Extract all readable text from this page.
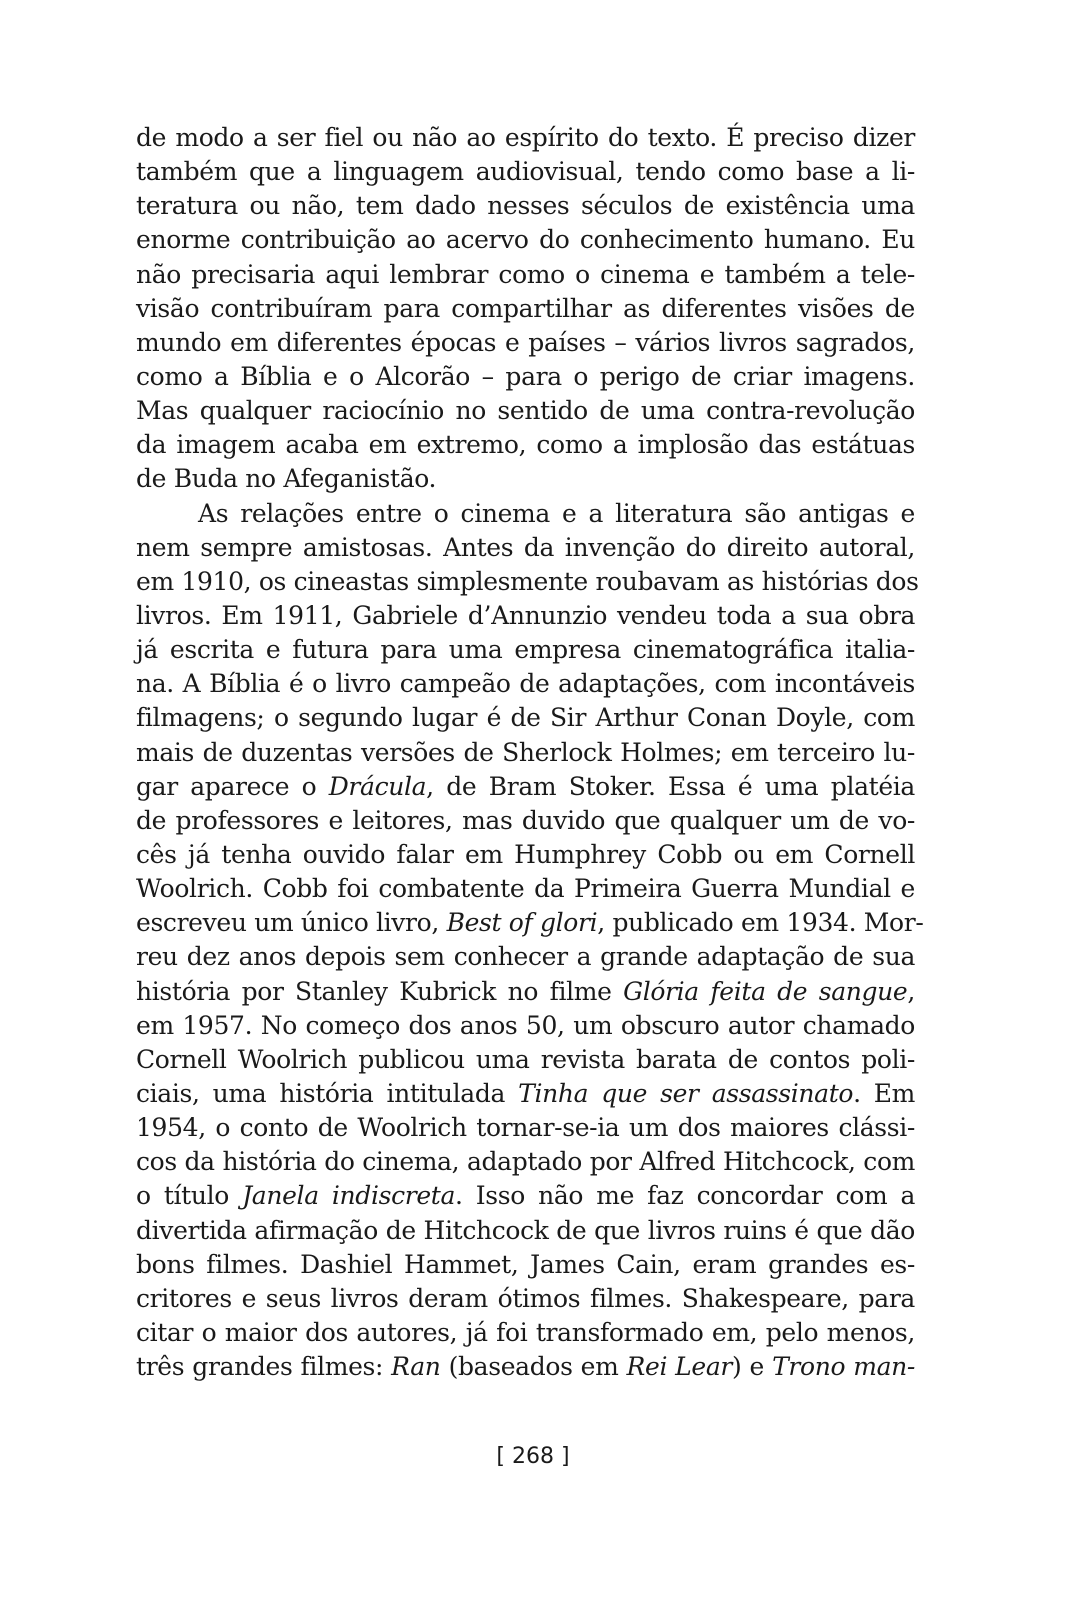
de modo a ser fiel ou não ao espírito do texto. É preciso dizer
também que a linguagem audiovisual, tendo como base a li-
teratura ou não, tem dado nesses séculos de existência uma
enorme contribuição ao acervo do conhecimento humano. Eu
não precisaria aqui lembrar como o cinema e também a tele-
visão contribuíram para compartilhar as diferentes visões de
mundo em diferentes épocas e países – vários livros sagrados,
como a Bíblia e o Alcorão – para o perigo de criar imagens.
Mas qualquer raciocínio no sentido de uma contra-revolução
da imagem acaba em extremo, como a implosão das estátuas
de Buda no Afeganistão.
As relações entre o cinema e a literatura são antigas e
nem sempre amistosas. Antes da invenção do direito autoral,
em 1910, os cineastas simplesmente roubavam as histórias dos
livros. Em 1911, Gabriele d’Annunzio vendeu toda a sua obra
já escrita e futura para uma empresa cinematográfica italia-
na. A Bíblia é o livro campeão de adaptações, com incontáveis
filmagens; o segundo lugar é de Sir Arthur Conan Doyle, com
mais de duzentas versões de Sherlock Holmes; em terceiro lu-
gar aparece o Drácula, de Bram Stoker. Essa é uma platéia
de professores e leitores, mas duvido que qualquer um de vo-
cês já tenha ouvido falar em Humphrey Cobb ou em Cornell
Woolrich. Cobb foi combatente da Primeira Guerra Mundial e
escreveu um único livro, Best of glori, publicado em 1934. Mor-
reu dez anos depois sem conhecer a grande adaptação de sua
história por Stanley Kubrick no filme Glória feita de sangue,
em 1957. No começo dos anos 50, um obscuro autor chamado
Cornell Woolrich publicou uma revista barata de contos poli-
ciais, uma história intitulada Tinha que ser assassinato. Em
1954, o conto de Woolrich tornar-se-ia um dos maiores clássi-
cos da história do cinema, adaptado por Alfred Hitchcock, com
o título Janela indiscreta. Isso não me faz concordar com a
divertida afirmação de Hitchcock de que livros ruins é que dão
bons filmes. Dashiel Hammet, James Cain, eram grandes es-
critores e seus livros deram ótimos filmes. Shakespeare, para
citar o maior dos autores, já foi transformado em, pelo menos,
três grandes filmes: Ran (baseados em Rei Lear) e Trono man-
[ 268 ]
